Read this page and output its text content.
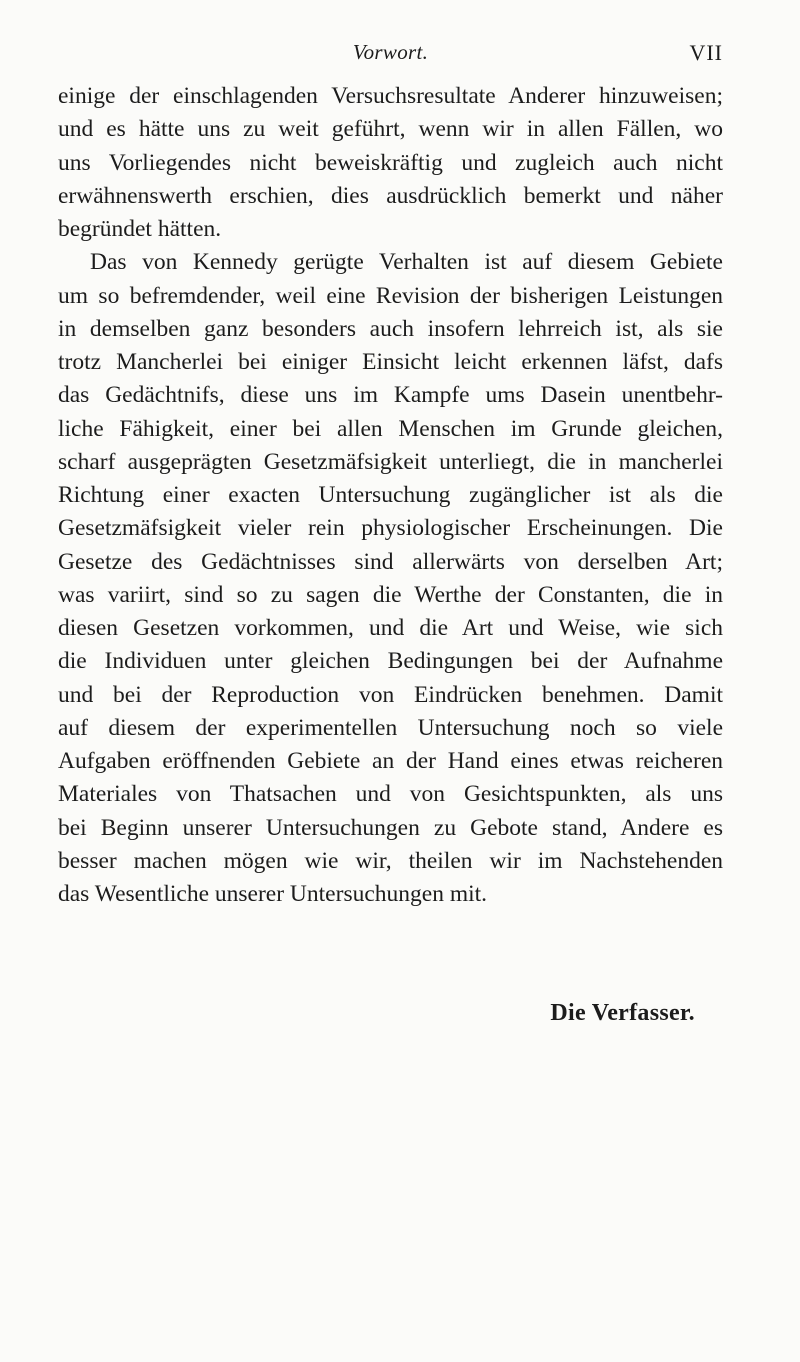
Vorwort.	VII
einige der einschlagenden Versuchsresultate Anderer hinzuweisen;
und es hätte uns zu weit geführt, wenn wir in allen Fällen, wo
uns Vorliegendes nicht beweiskräftig und zugleich auch nicht
erwähnenswerth erschien, dies ausdrücklich bemerkt und näher
begründet hätten.
Das von Kennedy gerügte Verhalten ist auf diesem Gebiete
um so befremdender, weil eine Revision der bisherigen Leistungen
in demselben ganz besonders auch insofern lehrreich ist, als sie
trotz Mancherlei bei einiger Einsicht leicht erkennen läfst, dafs
das Gedächtnifs, diese uns im Kampfe ums Dasein unentbehr-
liche Fähigkeit, einer bei allen Menschen im Grunde gleichen,
scharf ausgeprägten Gesetzmäfsigkeit unterliegt, die in mancherlei
Richtung einer exacten Untersuchung zugänglicher ist als die
Gesetzmäfsigkeit vieler rein physiologischer Erscheinungen. Die
Gesetze des Gedächtnisses sind allerwärts von derselben Art;
was variirt, sind so zu sagen die Werthe der Constanten, die in
diesen Gesetzen vorkommen, und die Art und Weise, wie sich
die Individuen unter gleichen Bedingungen bei der Aufnahme
und bei der Reproduction von Eindrücken benehmen. Damit
auf diesem der experimentellen Untersuchung noch so viele
Aufgaben eröffnenden Gebiete an der Hand eines etwas reicheren
Materiales von Thatsachen und von Gesichtspunkten, als uns
bei Beginn unserer Untersuchungen zu Gebote stand, Andere es
besser machen mögen wie wir, theilen wir im Nachstehenden
das Wesentliche unserer Untersuchungen mit.
Die Verfasser.
